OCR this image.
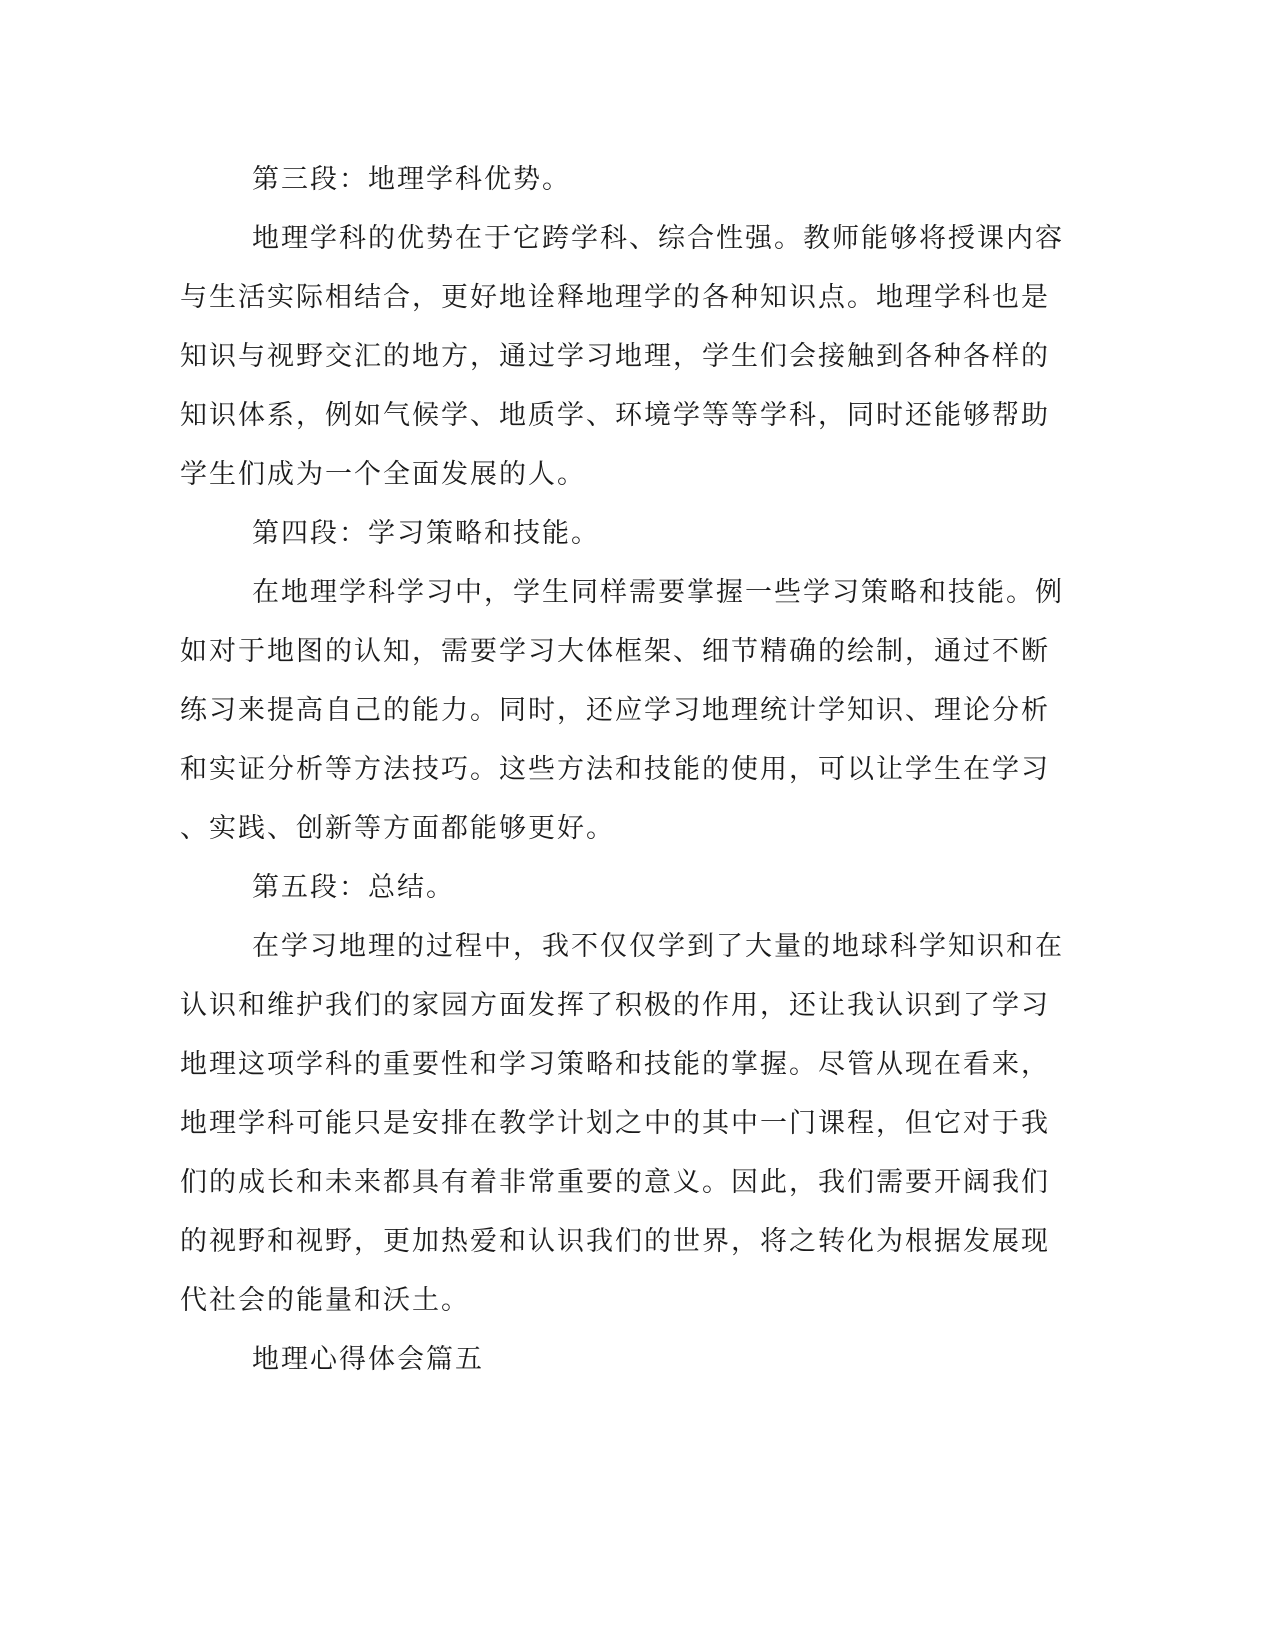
第三段：地理学科优势。
地理学科的优势在于它跨学科、综合性强。教师能够将授课内容
与生活实际相结合，更好地诠释地理学的各种知识点。地理学科也是
知识与视野交汇的地方，通过学习地理，学生们会接触到各种各样的
知识体系，例如气候学、地质学、环境学等等学科，同时还能够帮助
学生们成为一个全面发展的人。
第四段：学习策略和技能。
在地理学科学习中，学生同样需要掌握一些学习策略和技能。例
如对于地图的认知，需要学习大体框架、细节精确的绘制，通过不断
练习来提高自己的能力。同时，还应学习地理统计学知识、理论分析
和实证分析等方法技巧。这些方法和技能的使用，可以让学生在学习
、实践、创新等方面都能够更好。
第五段：总结。
在学习地理的过程中，我不仅仅学到了大量的地球科学知识和在
认识和维护我们的家园方面发挥了积极的作用，还让我认识到了学习
地理这项学科的重要性和学习策略和技能的掌握。尽管从现在看来，
地理学科可能只是安排在教学计划之中的其中一门课程，但它对于我
们的成长和未来都具有着非常重要的意义。因此，我们需要开阔我们
的视野和视野，更加热爱和认识我们的世界，将之转化为根据发展现
代社会的能量和沃土。
地理心得体会篇五
